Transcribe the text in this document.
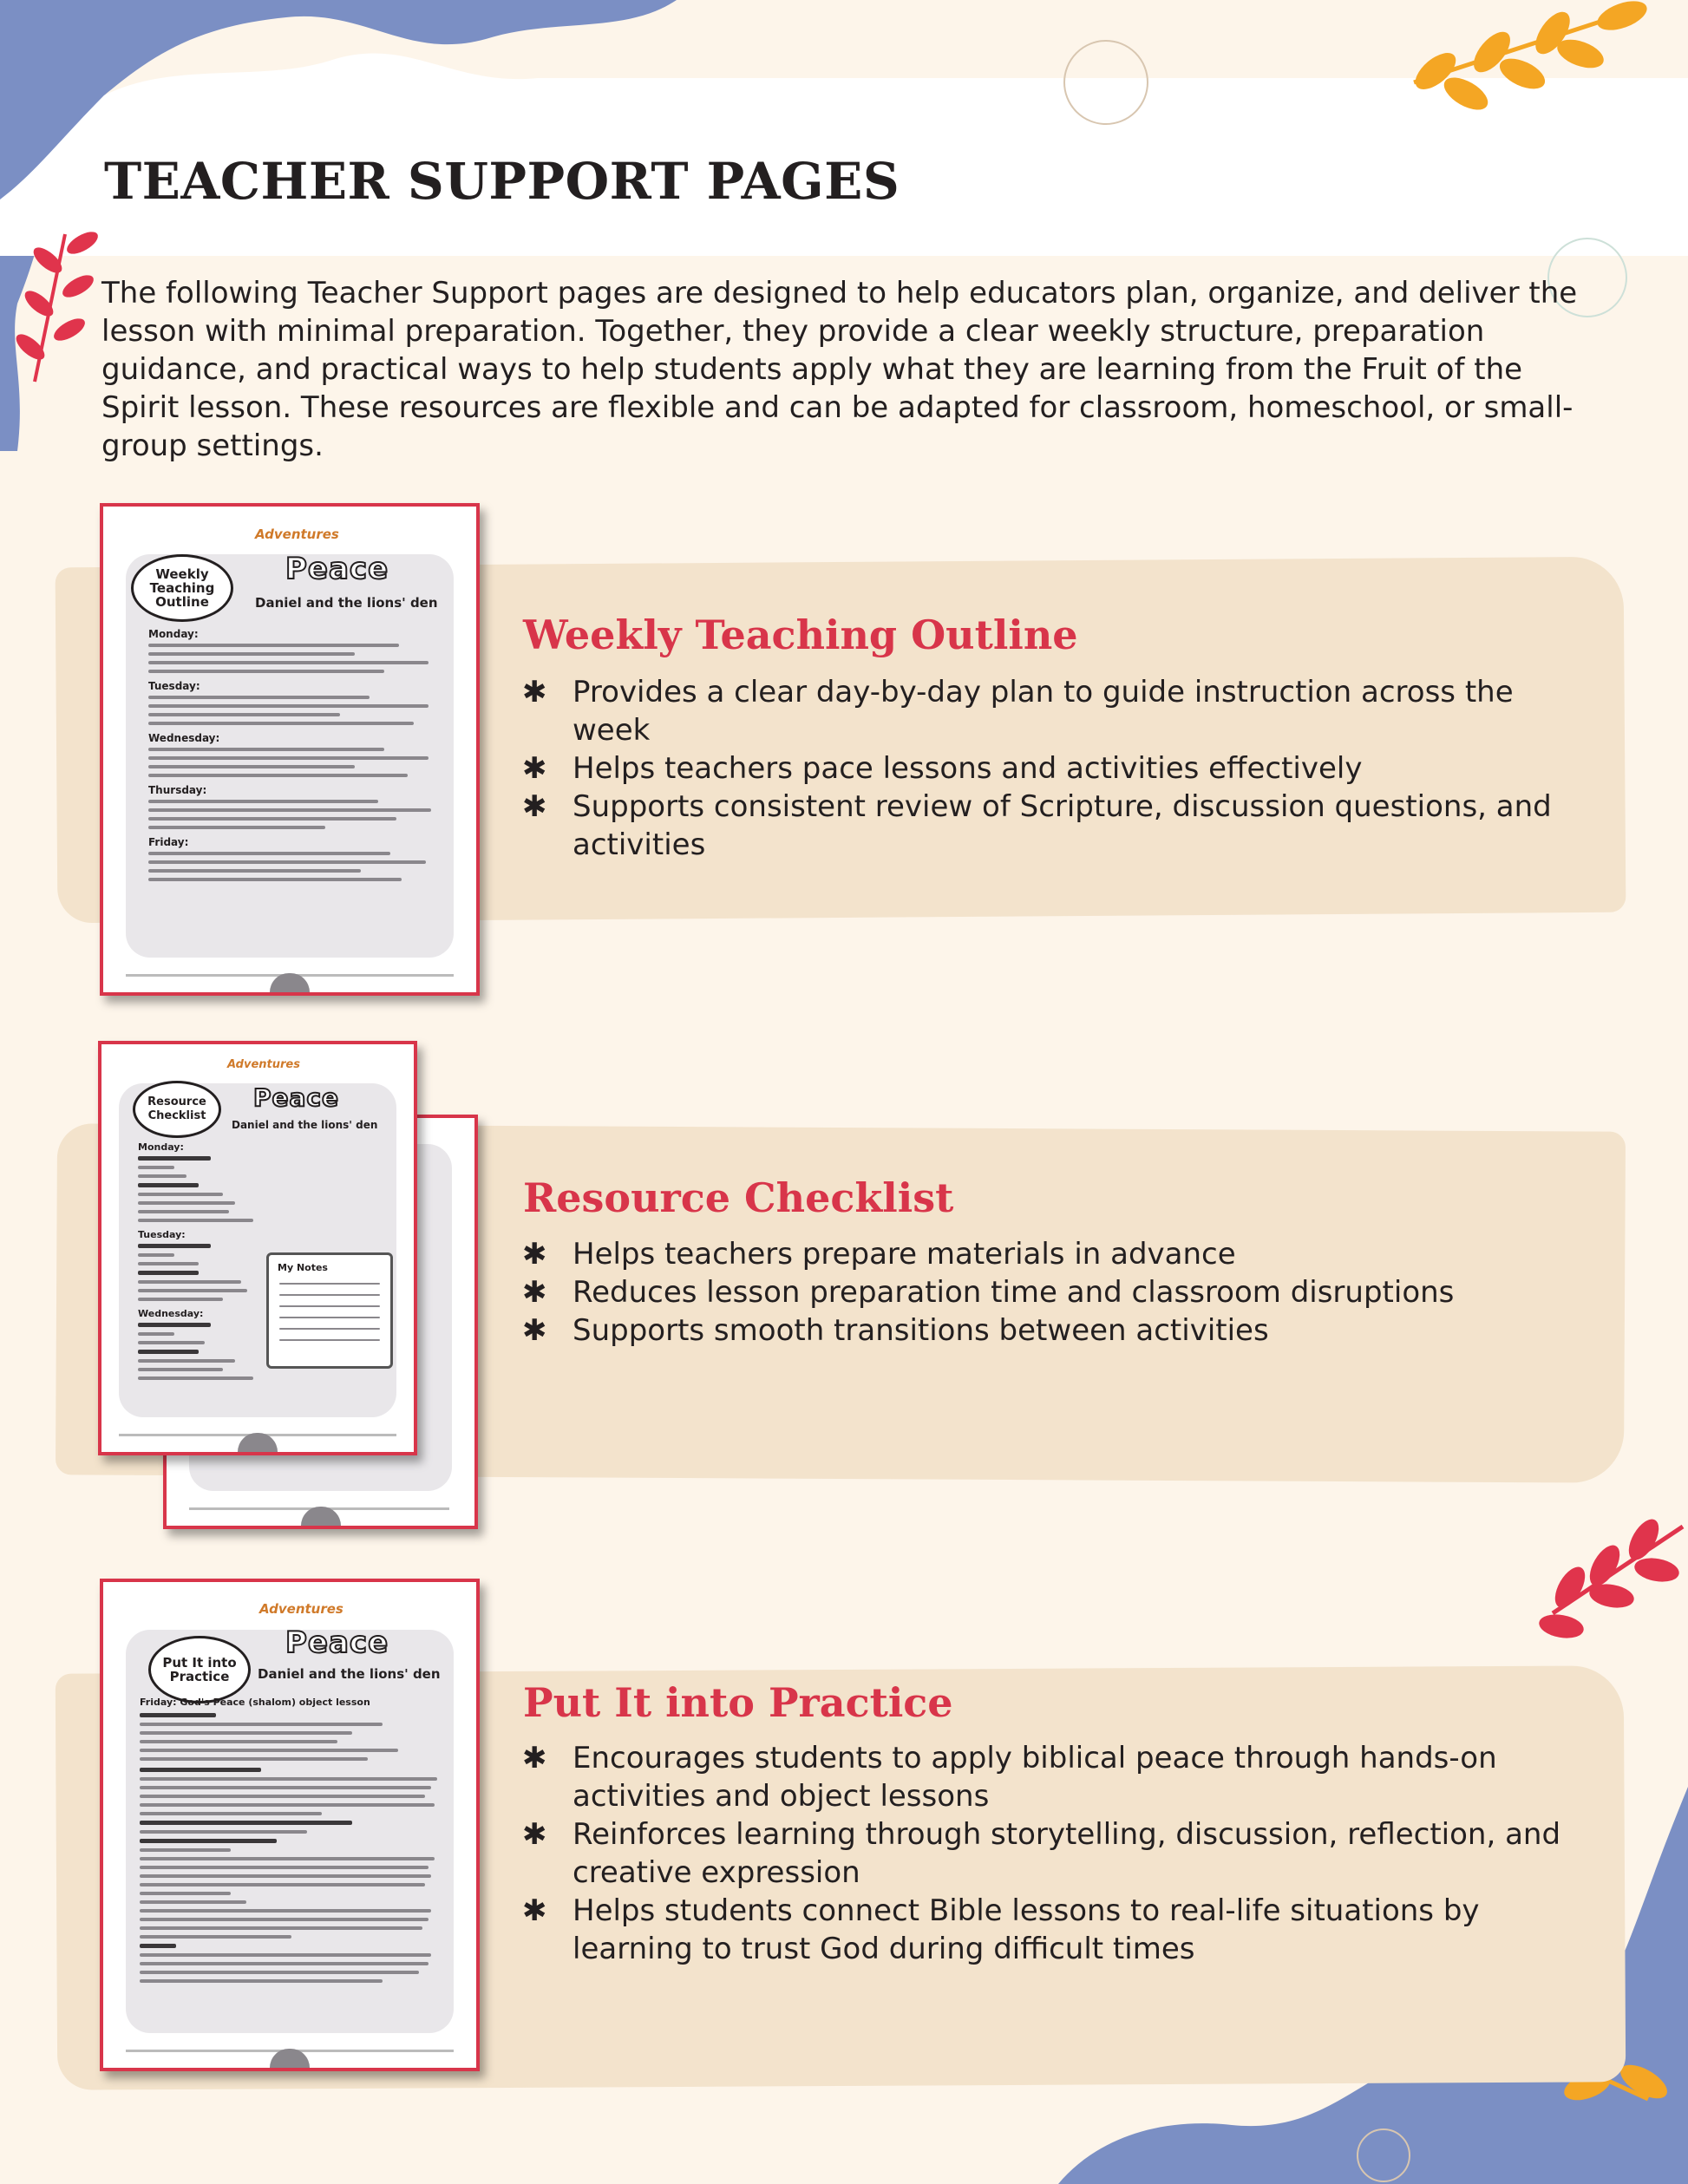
TEACHER SUPPORT PAGES

The following Teacher Support pages are designed to help educators plan, organize, and deliver the lesson with minimal preparation. Together, they provide a clear weekly structure, preparation guidance, and practical ways to help students apply what they are learning from the Fruit of the Spirit lesson. These resources are flexible and can be adapted for classroom, homeschool, or small-group settings.

Adventures
Weekly Teaching Outline
Peace
Daniel and the lions' den
Monday:
Tuesday:
Wednesday:
Thursday:
Friday:
Weekly Teaching Outline
✱ Provides a clear day-by-day plan to guide instruction across the week
✱ Helps teachers pace lessons and activities effectively
✱ Supports consistent review of Scripture, discussion questions, and activities
Adventures
Resource Checklist
Peace
Daniel and the lions' den
Monday:
Tuesday:
Wednesday:
My Notes
Resource Checklist
✱ Helps teachers prepare materials in advance
✱ Reduces lesson preparation time and classroom disruptions
✱ Supports smooth transitions between activities
Adventures
Put It into Practice
Peace
Daniel and the lions' den
Friday: God's Peace (shalom) object lesson	Put It into Practice
✱ Encourages students to apply biblical peace through hands-on activities and object lessons
✱ Reinforces learning through storytelling, discussion, reflection, and creative expression
✱ Helps students connect Bible lessons to real-life situations by learning to trust God during difficult times
